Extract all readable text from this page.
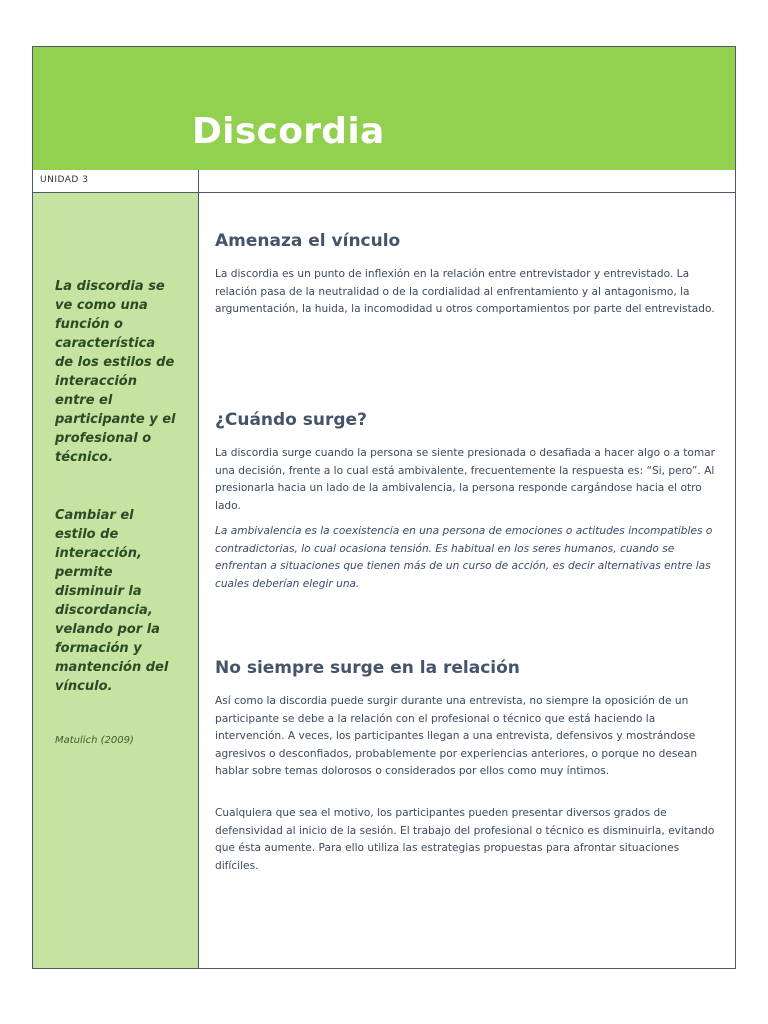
Discordia
UNIDAD 3

La discordia se ve como una función o característica de los estilos de interacción entre el participante y el profesional o técnico.

Cambiar el estilo de interacción, permite disminuir la discordancia, velando por la formación y mantención del vínculo.

Matulich (2009)

Amenaza el vínculo

La discordia es un punto de inflexión en la relación entre entrevistador y entrevistado. La relación pasa de la neutralidad o de la cordialidad al enfrentamiento y al antagonismo, la argumentación, la huida, la incomodidad u otros comportamientos por parte del entrevistado.

¿Cuándo surge?

La discordia surge cuando la persona se siente presionada o desafiada a hacer algo o a tomar una decisión, frente a lo cual está ambivalente, frecuentemente la respuesta es: “Si, pero”. Al presionarla hacia un lado de la ambivalencia, la persona responde cargándose hacia el otro lado.

La ambivalencia es la coexistencia en una persona de emociones o actitudes incompatibles o contradictorias, lo cual ocasiona tensión. Es habitual en los seres humanos, cuando se enfrentan a situaciones que tienen más de un curso de acción, es decir alternativas entre las cuales deberían elegir una.

No siempre surge en la relación

Así como la discordia puede surgir durante una entrevista, no siempre la oposición de un participante se debe a la relación con el profesional o técnico que está haciendo la intervención. A veces, los participantes llegan a una entrevista, defensivos y mostrándose agresivos o desconfiados, probablemente por experiencias anteriores, o porque no desean hablar sobre temas dolorosos o considerados por ellos como muy íntimos.

Cualquiera que sea el motivo, los participantes pueden presentar diversos grados de defensividad al inicio de la sesión. El trabajo del profesional o técnico es disminuirla, evitando que ésta aumente. Para ello utiliza las estrategias propuestas para afrontar situaciones difíciles.
